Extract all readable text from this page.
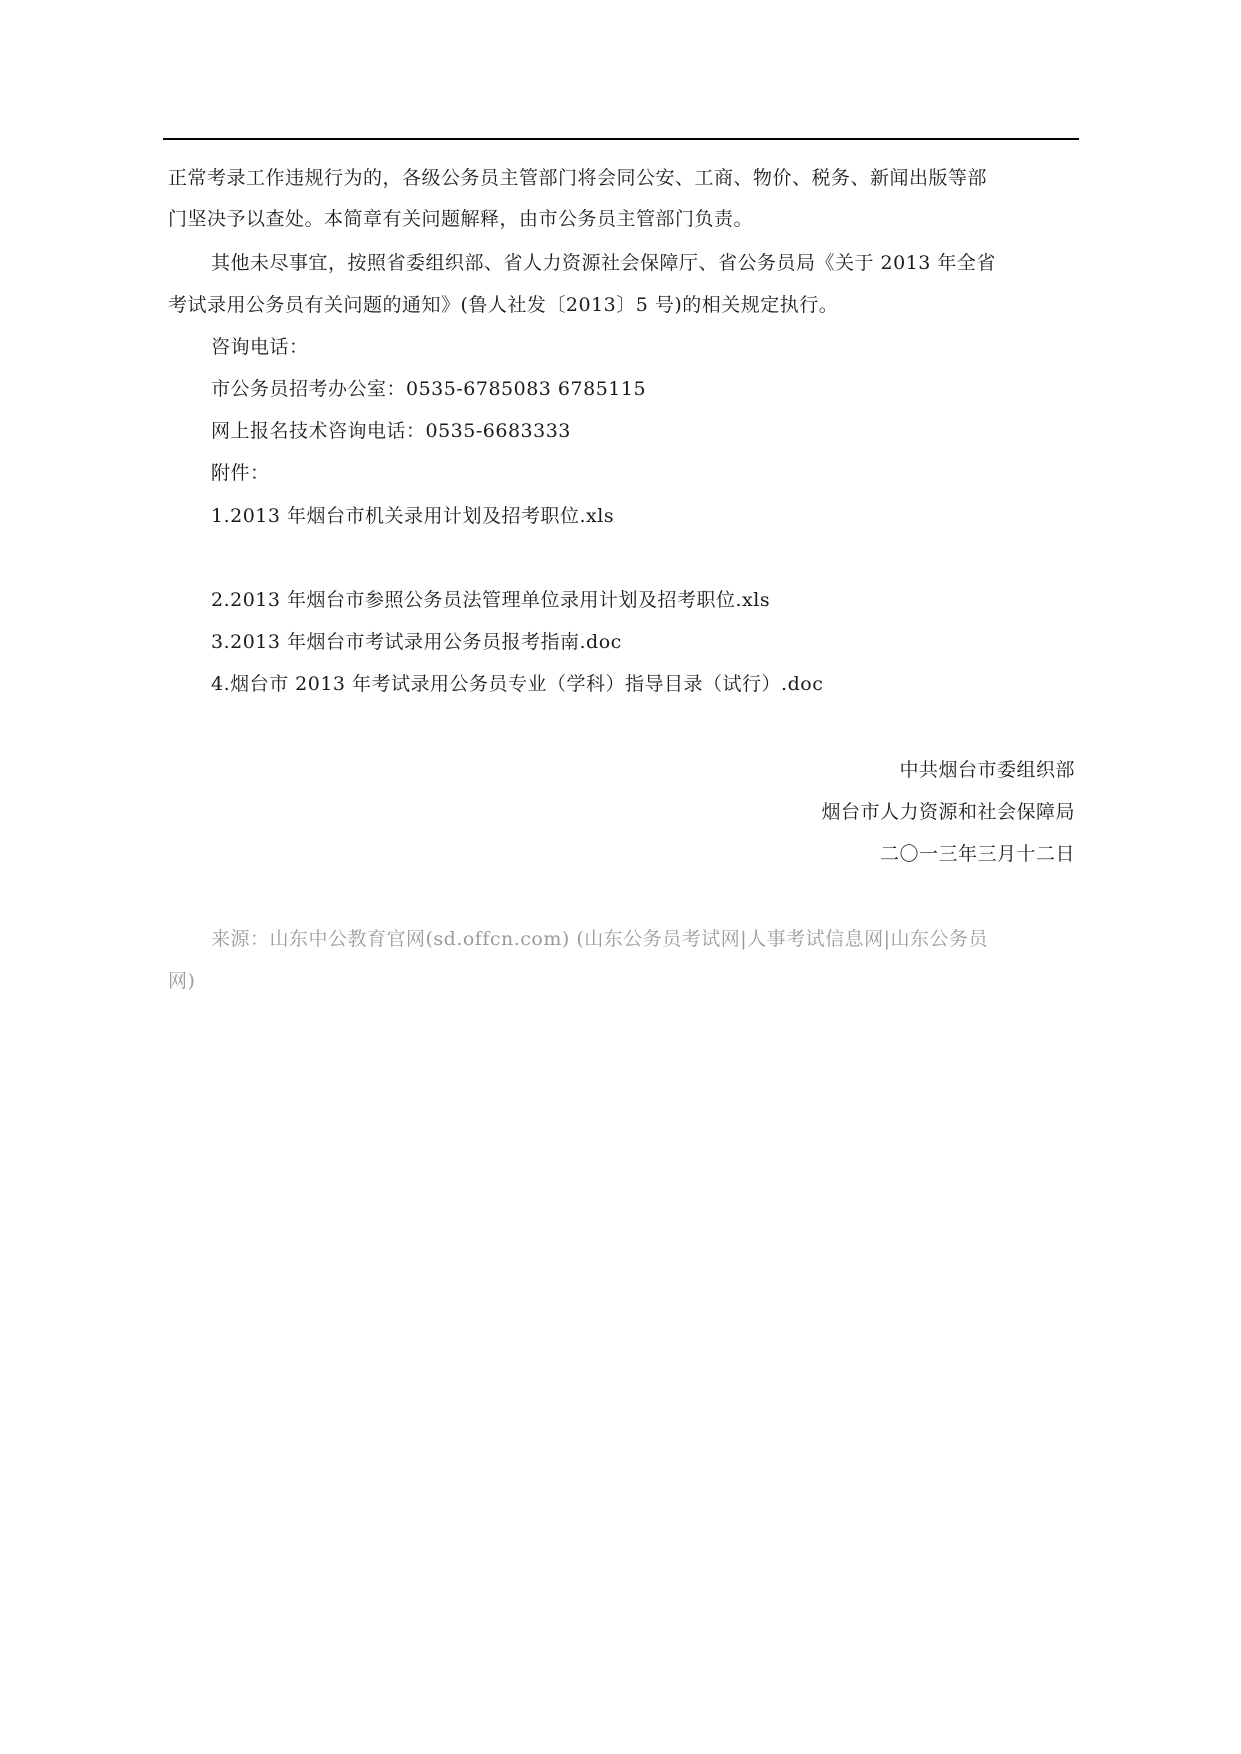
正常考录工作违规行为的，各级公务员主管部门将会同公安、工商、物价、税务、新闻出版等部
门坚决予以查处。本简章有关问题解释，由市公务员主管部门负责。
其他未尽事宜，按照省委组织部、省人力资源社会保障厅、省公务员局《关于 2013 年全省
考试录用公务员有关问题的通知》(鲁人社发〔2013〕5 号)的相关规定执行。
咨询电话：
市公务员招考办公室：0535-6785083 6785115
网上报名技术咨询电话：0535-6683333
附件：
1.2013 年烟台市机关录用计划及招考职位.xls
2.2013 年烟台市参照公务员法管理单位录用计划及招考职位.xls
3.2013 年烟台市考试录用公务员报考指南.doc
4.烟台市 2013 年考试录用公务员专业（学科）指导目录（试行）.doc
中共烟台市委组织部
烟台市人力资源和社会保障局
二〇一三年三月十二日
来源：山东中公教育官网(sd.offcn.com) (山东公务员考试网|人事考试信息网|山东公务员
网)
